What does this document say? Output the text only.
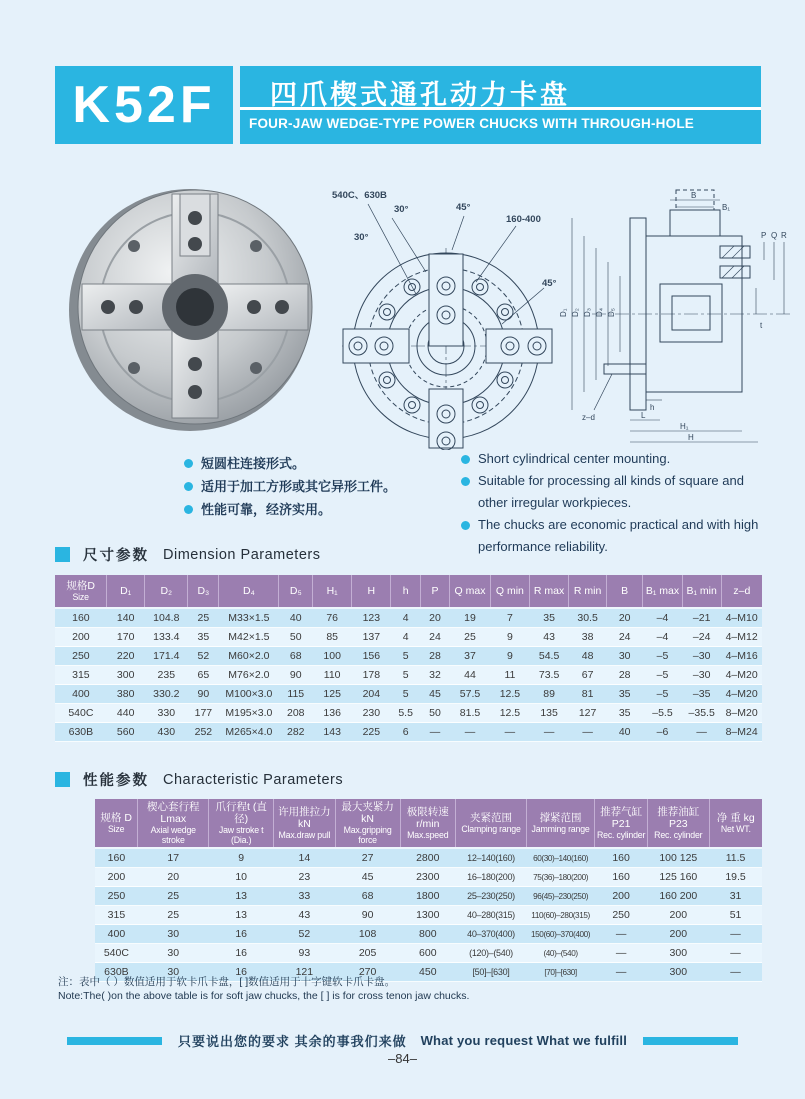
K52F	四爪楔式通孔动力卡盘
FOUR-JAW WEDGE-TYPE POWER CHUCKS WITH THROUGH-HOLE
540C、630B
30°
30°
45°
160-400
45°
D₁ D₂ D₃ D₄ D₅
B
B₁
h
t
P Q R
z–d	L
H₁
H
短圆柱连接形式。
适用于加工方形或其它异形工件。
性能可靠，经济实用。
Short cylindrical center mounting.
Suitable for processing all kinds of square and other irregular workpieces.
The chucks are economic practical and with high performance reliability.
尺寸参数 Dimension Parameters
规格D
Size	D₁	D₂	D₃	D₄	D₅	H₁	H	h	P	Q max	Q min	R max	R min	B	B₁ max	B₁ min	z–d

160	140	104.8	25	M33×1.5	40	76	123	4	20	19	7	35	30.5	20	–4	–21	4–M10
200	170	133.4	35	M42×1.5	50	85	137	4	24	25	9	43	38	24	–4	–24	4–M12
250	220	171.4	52	M60×2.0	68	100	156	5	28	37	9	54.5	48	30	–5	–30	4–M16
315	300	235	65	M76×2.0	90	110	178	5	32	44	11	73.5	67	28	–5	–30	4–M20
400	380	330.2	90	M100×3.0	115	125	204	5	45	57.5	12.5	89	81	35	–5	–35	4–M20
540C	440	330	177	M195×3.0	208	136	230	5.5	50	81.5	12.5	135	127	35	–5.5	–35.5	8–M20
630B	560	430	252	M265×4.0	282	143	225	6	—	—	—	—	—	40	–6	—	8–M24
性能参数 Characteristic Parameters
规格 D
Size

楔心套行程Lmax
Axial wedge stroke

爪行程t (直径)
Jaw stroke t (Dia.)

许用推拉力 kN
Max.draw pull

最大夹紧力 kN
Max.gripping force

极限转速 r/min
Max.speed

夹紧范围
Clamping range

撑紧范围
Jamming range

推荐气缸P21
Rec. cylinder

推荐油缸P23
Rec. cylinder

净 重 kg
Net WT.

160	17	9	14	27	2800	12–140(160)	60(30)–140(160)	160	100 125	11.5
200	20	10	23	45	2300	16–180(200)	75(36)–180(200)	160	125 160	19.5
250	25	13	33	68	1800	25–230(250)	96(45)–230(250)	200	160 200	31
315	25	13	43	90	1300	40–280(315)	110(60)–280(315)	250	200	51
400	30	16	52	108	800	40–370(400)	150(60)–370(400)	—	200	—
540C	30	16	93	205	600	(120)–(540)	(40)–(540)	—	300	—
630B	30	16	121	270	450	[50]–[630]	[70]–[630]	—	300	—
注：表中（ ）数值适用于软卡爪卡盘，[ ]数值适用于十字键软卡爪卡盘。
Note:The( )on the above table is for soft jaw chucks, the [ ] is for cross tenon jaw chucks.
只要说出您的要求 其余的事我们来做 What you request What we fulfill
–84–
